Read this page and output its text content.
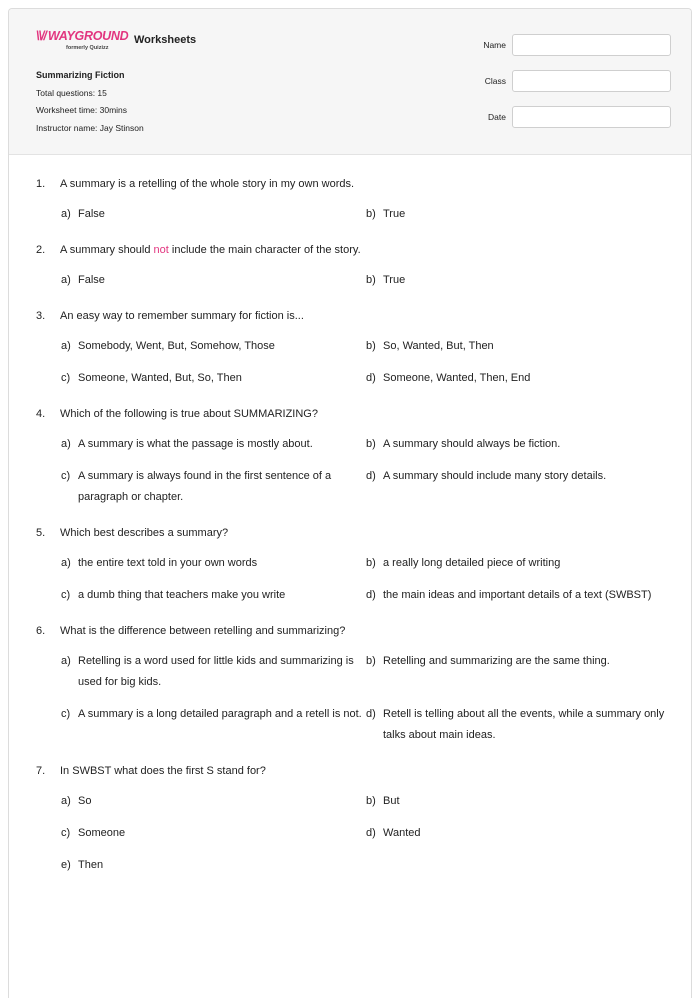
\\// WAYGROUND
formerly Quizizz
Worksheets
Summarizing Fiction
Total questions: 15
Worksheet time: 30mins
Instructor name: Jay Stinson
Name
Class
Date
1.	A summary is a retelling of the whole story in my own words.
a) False	b) True
2.	A summary should not include the main character of the story.
a) False	b) True
3.	An easy way to remember summary for fiction is...
a) Somebody, Went, But, Somehow, Those	b) So, Wanted, But, Then
c) Someone, Wanted, But, So, Then	d) Someone, Wanted, Then, End
4.	Which of the following is true about SUMMARIZING?
a) A summary is what the passage is mostly about.	b) A summary should always be fiction.
c) A summary is always found in the first sentence of a paragraph or chapter.
d) A summary should include many story details.
5.	Which best describes a summary?
a) the entire text told in your own words	b) a really long detailed piece of writing
c) a dumb thing that teachers make you write	d) the main ideas and important details of a text (SWBST)
6.	What is the difference between retelling and summarizing?
a) Retelling is a word used for little kids and summarizing is used for big kids.
b) Retelling and summarizing are the same thing.
c) A summary is a long detailed paragraph and a retell is not. d) Retell is telling about all the events, while a summary only talks about main ideas.
7.	In SWBST what does the first S stand for?
a) So	b) But
c) Someone	d) Wanted
e) Then
